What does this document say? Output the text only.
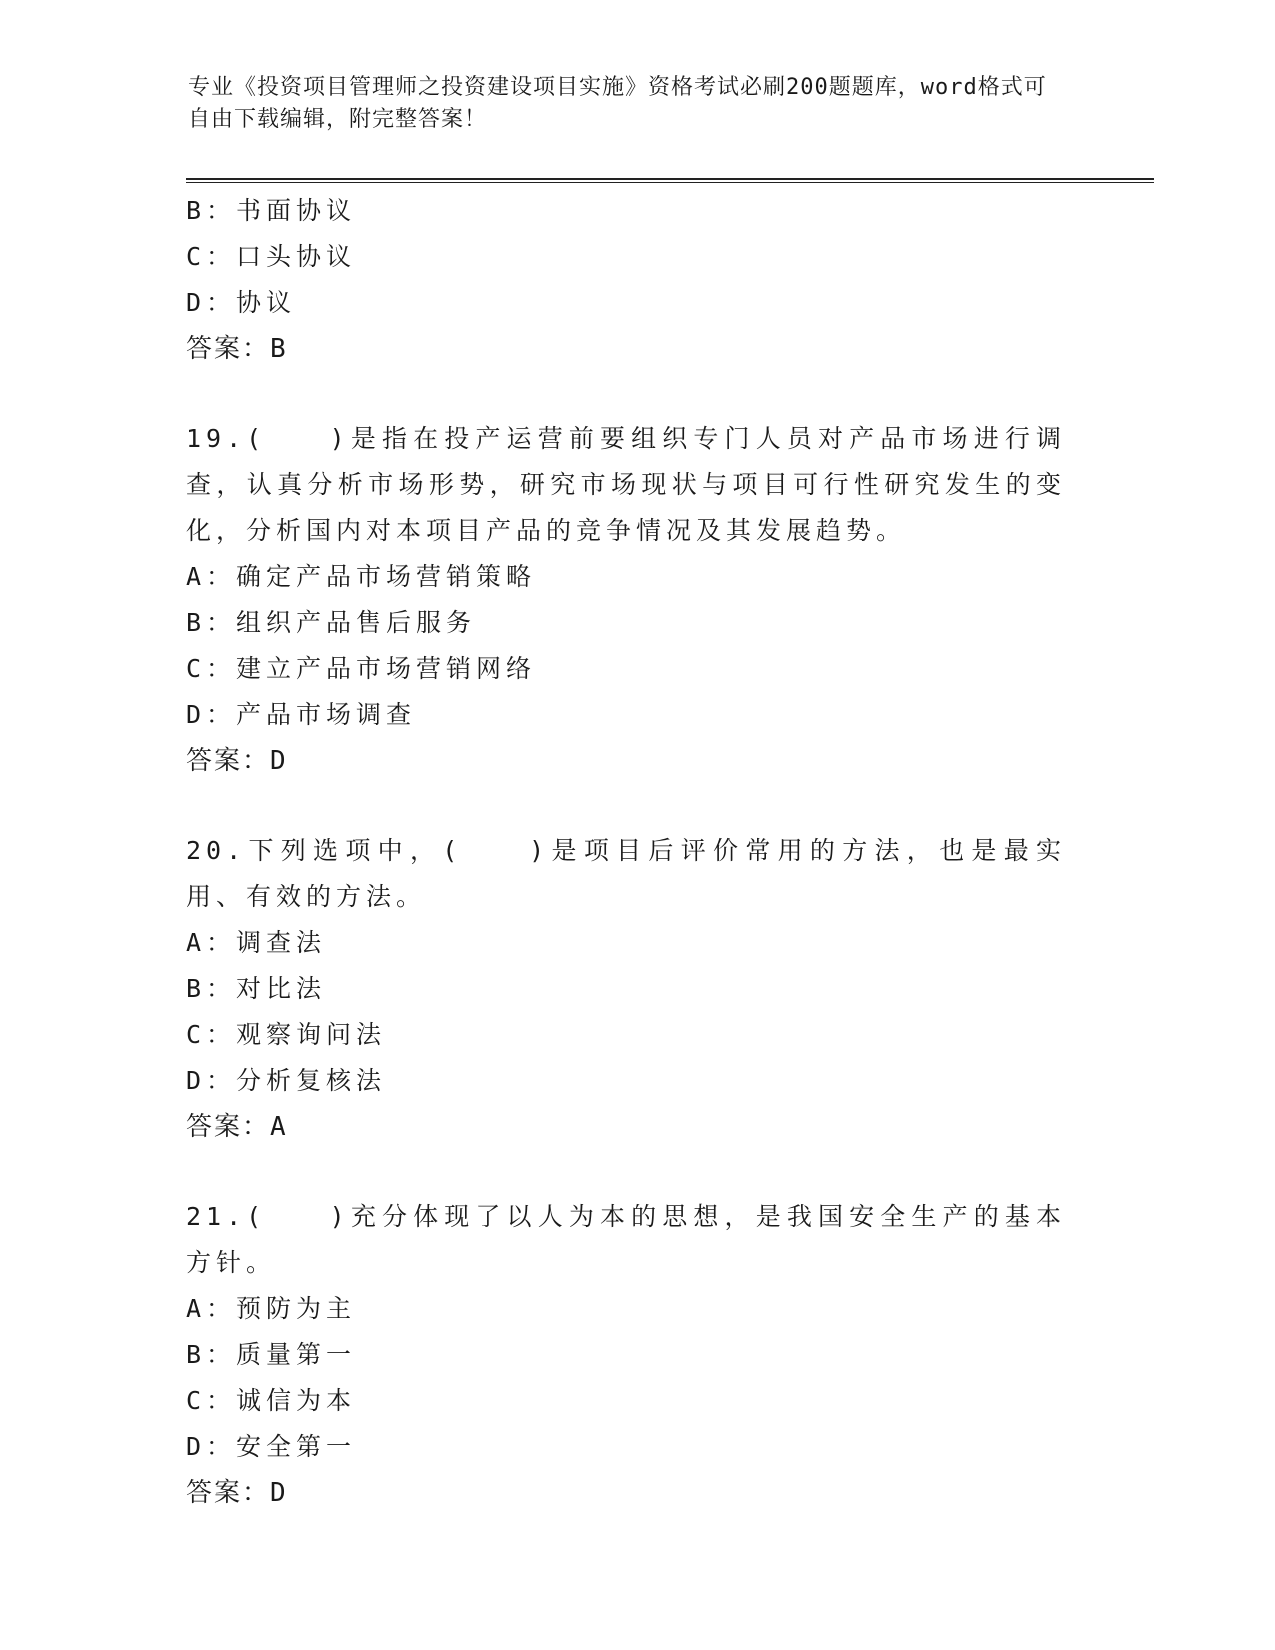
专业《投资项目管理师之投资建设项目实施》资格考试必刷200题题库，word格式可自由下载编辑，附完整答案！
B：书面协议
C：口头协议
D：协议
答案：B
19.(　　)是指在投产运营前要组织专门人员对产品市场进行调查，认真分析市场形势，研究市场现状与项目可行性研究发生的变化，分析国内对本项目产品的竞争情况及其发展趋势。
A：确定产品市场营销策略
B：组织产品售后服务
C：建立产品市场营销网络
D：产品市场调查
答案：D
20.下列选项中，(　　)是项目后评价常用的方法，也是最实用、有效的方法。
A：调查法
B：对比法
C：观察询问法
D：分析复核法
答案：A
21.(　　)充分体现了以人为本的思想，是我国安全生产的基本方针。
A：预防为主
B：质量第一
C：诚信为本
D：安全第一
答案：D
